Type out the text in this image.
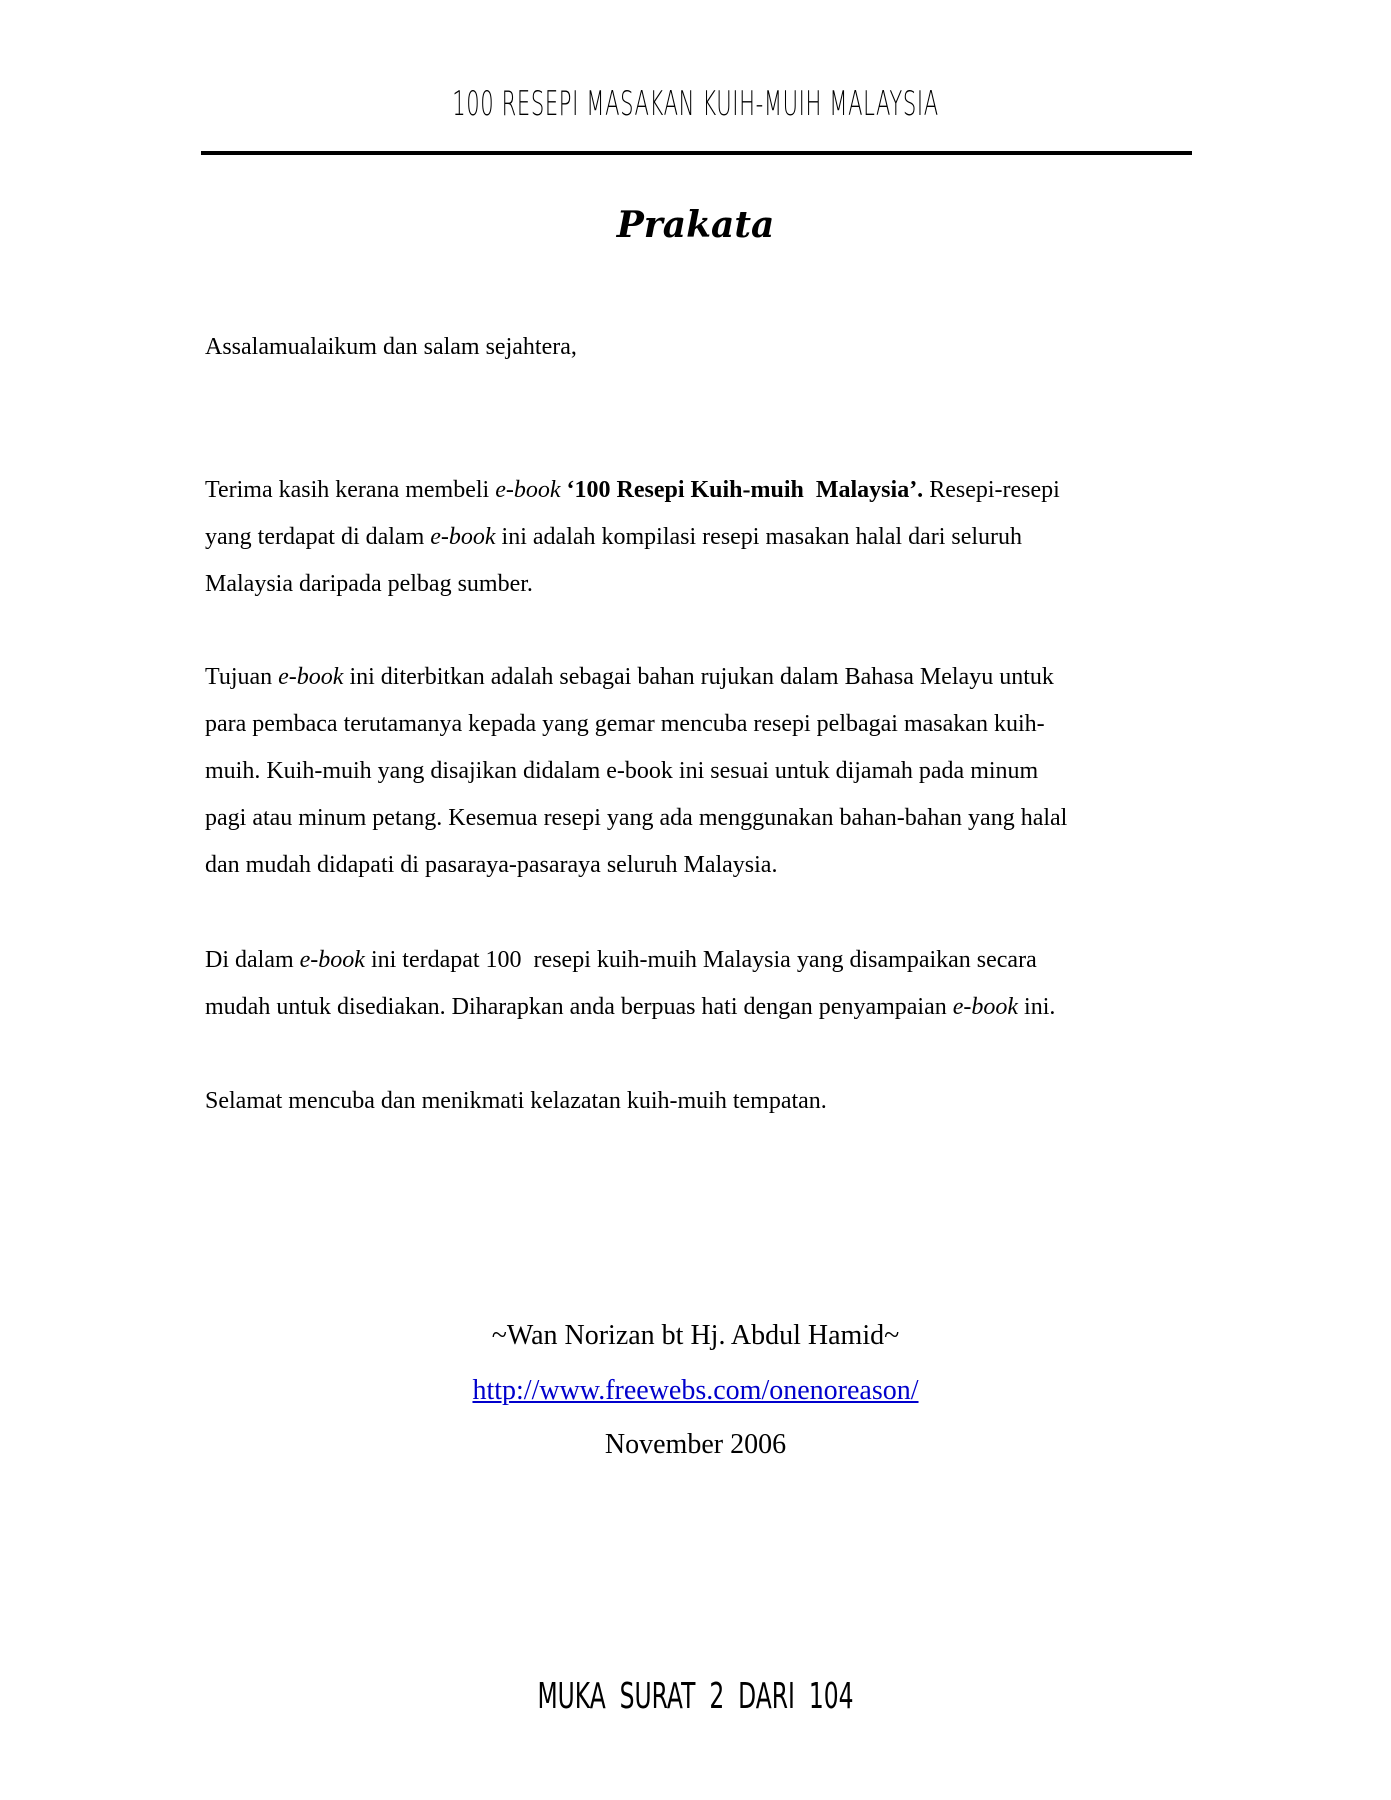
100 RESEPI MASAKAN KUIH-MUIH MALAYSIA
Prakata
Assalamualaikum dan salam sejahtera,
Terima kasih kerana membeli e-book ‘100 Resepi Kuih-muih  Malaysia’. Resepi-resepi
yang terdapat di dalam e-book ini adalah kompilasi resepi masakan halal dari seluruh
Malaysia daripada pelbag sumber.
Tujuan e-book ini diterbitkan adalah sebagai bahan rujukan dalam Bahasa Melayu untuk
para pembaca terutamanya kepada yang gemar mencuba resepi pelbagai masakan kuih-
muih. Kuih-muih yang disajikan didalam e-book ini sesuai untuk dijamah pada minum
pagi atau minum petang. Kesemua resepi yang ada menggunakan bahan-bahan yang halal
dan mudah didapati di pasaraya-pasaraya seluruh Malaysia.
Di dalam e-book ini terdapat 100  resepi kuih-muih Malaysia yang disampaikan secara
mudah untuk disediakan. Diharapkan anda berpuas hati dengan penyampaian e-book ini.
Selamat mencuba dan menikmati kelazatan kuih-muih tempatan.
~Wan Norizan bt Hj. Abdul Hamid~
http://www.freewebs.com/onenoreason/
November 2006
MUKA SURAT 2 DARI 104
